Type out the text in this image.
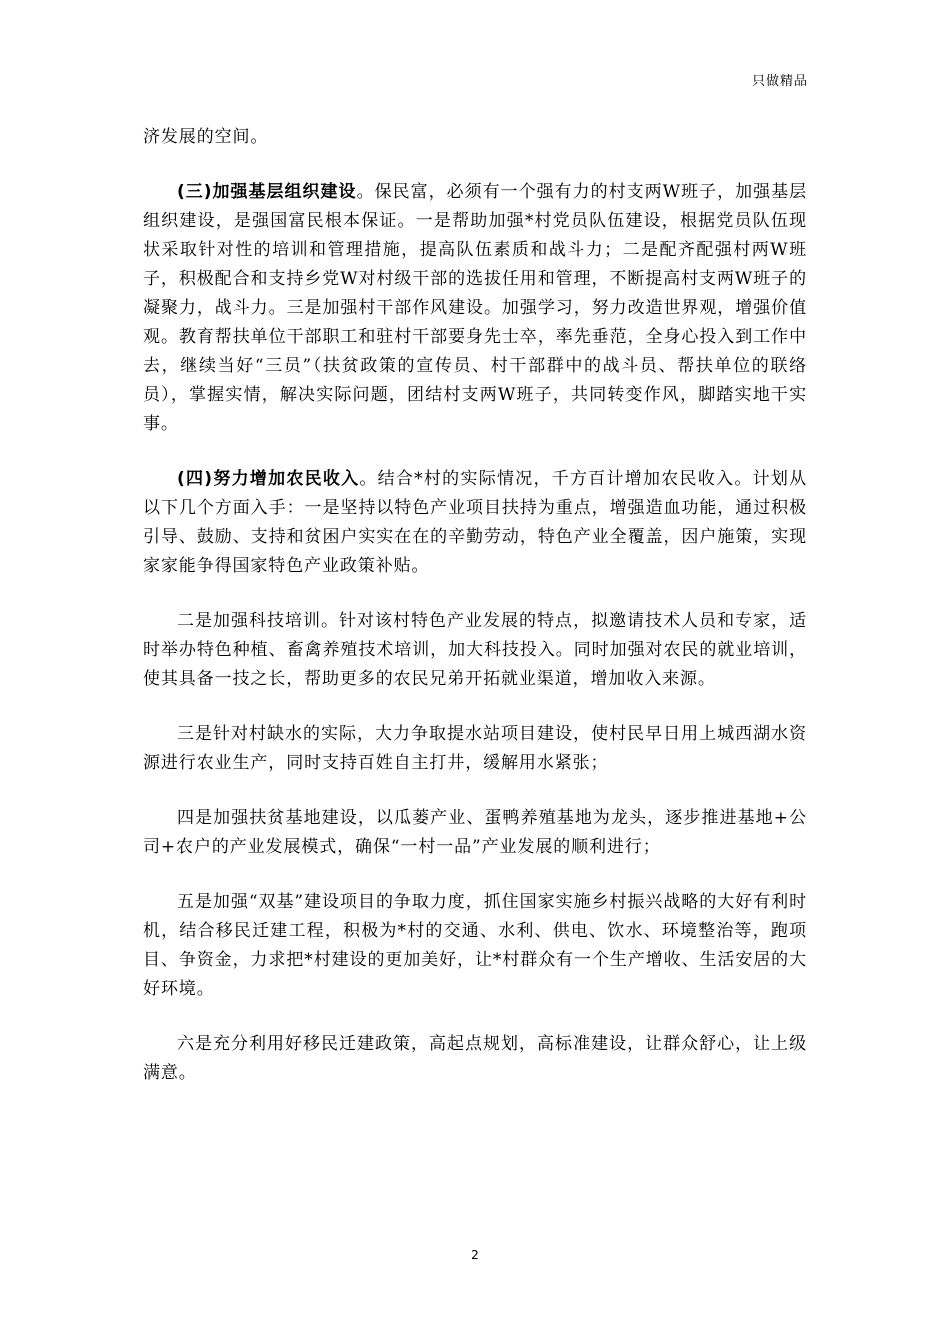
只做精品

济发展的空间。

(三)加强基层组织建设。保民富，必须有一个强有力的村支两W班子，加强基层组织建设，是强国富民根本保证。一是帮助加强*村党员队伍建设，根据党员队伍现状采取针对性的培训和管理措施，提高队伍素质和战斗力；二是配齐配强村两W班子，积极配合和支持乡党W对村级干部的选拔任用和管理，不断提高村支两W班子的凝聚力，战斗力。三是加强村干部作风建设。加强学习，努力改造世界观，增强价值观。教育帮扶单位干部职工和驻村干部要身先士卒，率先垂范，全身心投入到工作中去，继续当好“三员”（扶贫政策的宣传员、村干部群中的战斗员、帮扶单位的联络员），掌握实情，解决实际问题，团结村支两W班子，共同转变作风，脚踏实地干实事。

(四)努力增加农民收入。结合*村的实际情况，千方百计增加农民收入。计划从以下几个方面入手：一是坚持以特色产业项目扶持为重点，增强造血功能，通过积极引导、鼓励、支持和贫困户实实在在的辛勤劳动，特色产业全覆盖，因户施策，实现家家能争得国家特色产业政策补贴。

二是加强科技培训。针对该村特色产业发展的特点，拟邀请技术人员和专家，适时举办特色种植、畜禽养殖技术培训，加大科技投入。同时加强对农民的就业培训，使其具备一技之长，帮助更多的农民兄弟开拓就业渠道，增加收入来源。

三是针对村缺水的实际，大力争取提水站项目建设，使村民早日用上城西湖水资源进行农业生产，同时支持百姓自主打井，缓解用水紧张；

四是加强扶贫基地建设，以瓜蒌产业、蛋鸭养殖基地为龙头，逐步推进基地+公司+农户的产业发展模式，确保“一村一品”产业发展的顺利进行；

五是加强“双基”建设项目的争取力度，抓住国家实施乡村振兴战略的大好有利时机，结合移民迁建工程，积极为*村的交通、水利、供电、饮水、环境整治等，跑项目、争资金，力求把*村建设的更加美好，让*村群众有一个生产增收、生活安居的大好环境。

六是充分利用好移民迁建政策，高起点规划，高标准建设，让群众舒心，让上级满意。

2
